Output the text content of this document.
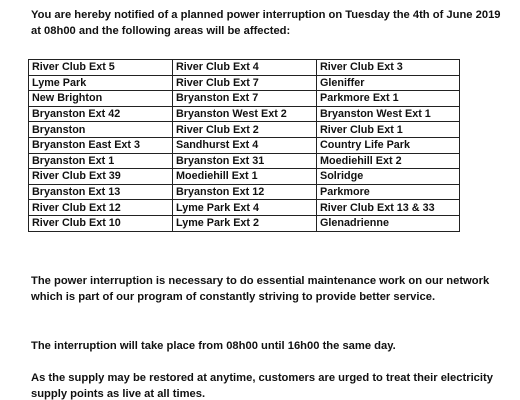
You are hereby notified of a planned power interruption on Tuesday the 4th of June 2019 at 08h00 and the following areas will be affected:

River Club Ext 5	River Club Ext 4	River Club Ext 3
Lyme Park	River Club Ext 7	Gleniffer
New Brighton	Bryanston Ext 7	Parkmore Ext 1
Bryanston Ext 42	Bryanston West Ext 2	Bryanston West Ext 1
Bryanston	River Club Ext 2	River Club Ext 1
Bryanston East Ext 3	Sandhurst Ext 4	Country Life Park
Bryanston Ext 1	Bryanston Ext 31	Moediehill Ext 2
River Club Ext 39	Moediehill Ext 1	Solridge
Bryanston Ext 13	Bryanston Ext 12	Parkmore
River Club Ext 12	Lyme Park Ext 4	River Club Ext 13 & 33
River Club Ext 10	Lyme Park Ext 2	Glenadrienne

The power interruption is necessary to do essential maintenance work on our network which is part of our program of constantly striving to provide better service.

The interruption will take place from 08h00 until 16h00 the same day.

As the supply may be restored at anytime, customers are urged to treat their electricity supply points as live at all times.
